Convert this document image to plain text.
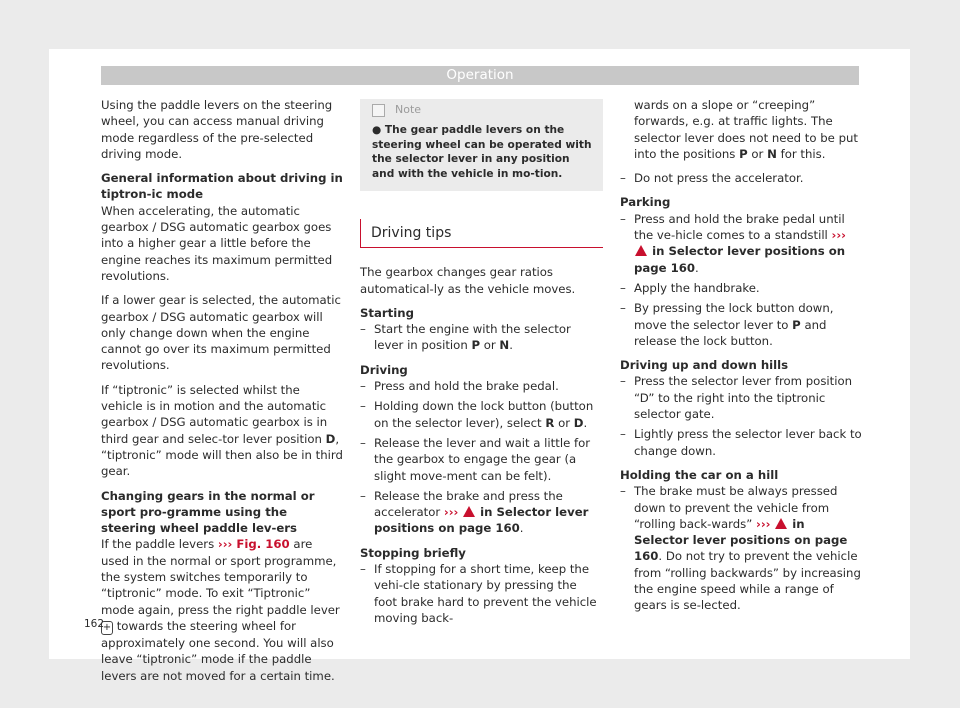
Operation

Using the paddle levers on the steering wheel, you can access manual driving mode regardless of the pre-selected driving mode.

General information about driving in tiptron-ic mode

When accelerating, the automatic gearbox / DSG automatic gearbox goes into a higher gear a little before the engine reaches its maximum permitted revolutions.

If a lower gear is selected, the automatic gearbox / DSG automatic gearbox will only change down when the engine cannot go over its maximum permitted revolutions.

If “tiptronic” is selected whilst the vehicle is in motion and the automatic gearbox / DSG automatic gearbox is in third gear and selec-tor lever position D, “tiptronic” mode will then also be in third gear.

Changing gears in the normal or sport pro-gramme using the steering wheel paddle lev-ers

If the paddle levers ››› Fig. 160 are used in the normal or sport programme, the system switches temporarily to “tiptronic” mode. To exit “Tiptronic” mode again, press the right paddle lever + towards the steering wheel for approximately one second. You will also leave “tiptronic” mode if the paddle levers are not moved for a certain time.

Note
● The gear paddle levers on the steering wheel can be operated with the selector lever in any position and with the vehicle in mo-tion.
Driving tips

The gearbox changes gear ratios automatical-ly as the vehicle moves.

Starting

– Start the engine with the selector lever in position P or N.

Driving

– Press and hold the brake pedal.
– Holding down the lock button (button on the selector lever), select R or D.
– Release the lever and wait a little for the gearbox to engage the gear (a slight move-ment can be felt).
– Release the brake and press the accelerator ›››  in Selector lever positions on page 160.

Stopping briefly

– If stopping for a short time, keep the vehi-cle stationary by pressing the foot brake hard to prevent the vehicle moving back-

wards on a slope or “creeping” forwards, e.g. at traffic lights. The selector lever does not need to be put into the positions P or N for this.

– Do not press the accelerator.

Parking

– Press and hold the brake pedal until the ve-hicle comes to a standstill ›››  in Selector lever positions on page 160.
– Apply the handbrake.
– By pressing the lock button down, move the selector lever to P and release the lock button.

Driving up and down hills

– Press the selector lever from position “D” to the right into the tiptronic selector gate.
– Lightly press the selector lever back to change down.

Holding the car on a hill

– The brake must be always pressed down to prevent the vehicle from “rolling back-wards” ›››  in Selector lever positions on page 160. Do not try to prevent the vehicle from “rolling backwards” by increasing the engine speed while a range of gears is se-lected.
162
